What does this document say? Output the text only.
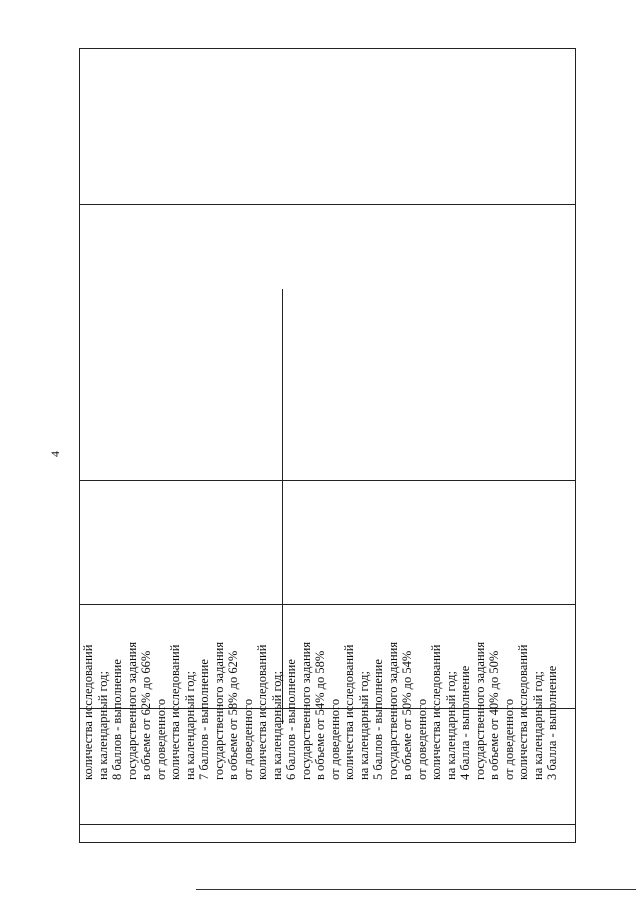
4
количества исследований на календарный год; 8 баллов - выполнение государственного задания в объеме от 62% до 66% от доведенного количества исследований на календарный год; 7 баллов - выполнение государственного задания в объеме от 58% до 62% от доведенного количества исследований на календарный год; 6 баллов - выполнение государственного задания в объеме от 54% до 58% от доведенного количества исследований на календарный год; 5 баллов - выполнение государственного задания в объеме от 50% до 54% от доведенного количества исследований на календарный год; 4 балла - выполнение государственного задания в объеме от 40% до 50% от доведенного количества исследований на календарный год; 3 балла - выполнение
